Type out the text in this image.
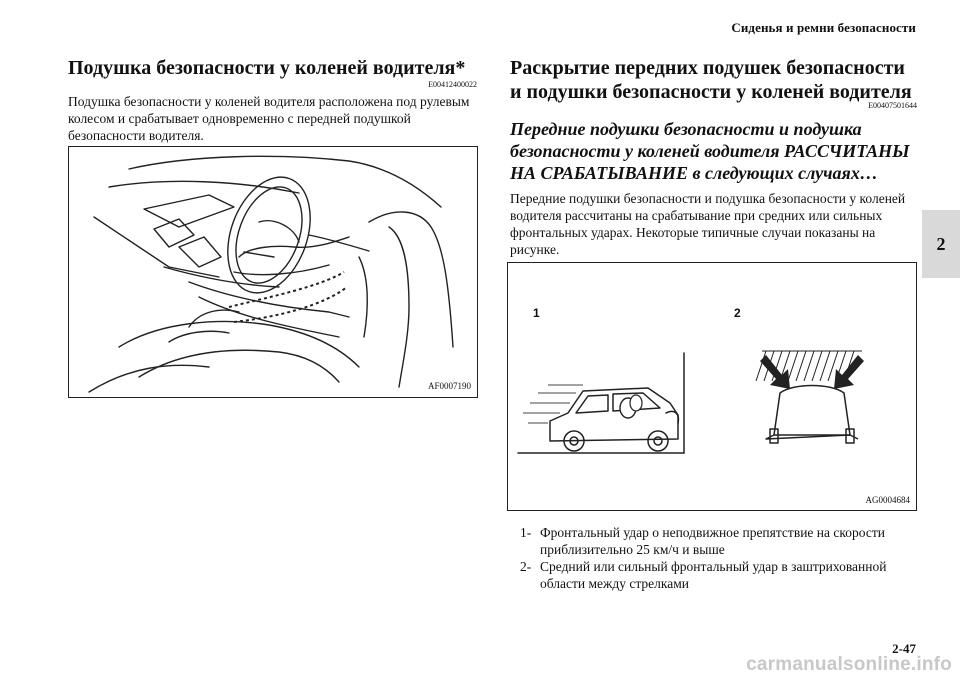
Сиденья и ремни безопасности
2
Подушка безопасности у коленей водителя*
E00412400022
Подушка безопасности у коленей водителя расположена под рулевым колесом и срабатывает одновременно с передней подушкой безопасности водителя.
AF0007190
Раскрытие передних подушек безопасности и подушки безопасности у коленей водителя
E00407501644
Передние подушки безопасности и подушка безопасности у коленей водителя РАССЧИТАНЫ НА СРАБАТЫВАНИЕ в следующих случаях…
Передние подушки безопасности и подушка безопасности у коленей водителя рассчитаны на срабатывание при средних или сильных фронтальных ударах. Некоторые типичные случаи показаны на рисунке.
1	2
AG0004684
1- Фронтальный удар о неподвижное препятствие на скорости приблизительно 25 км/ч и выше
2- Средний или сильный фронтальный удар в заштрихованной области между стрелками
2-47
carmanualsonline.info
